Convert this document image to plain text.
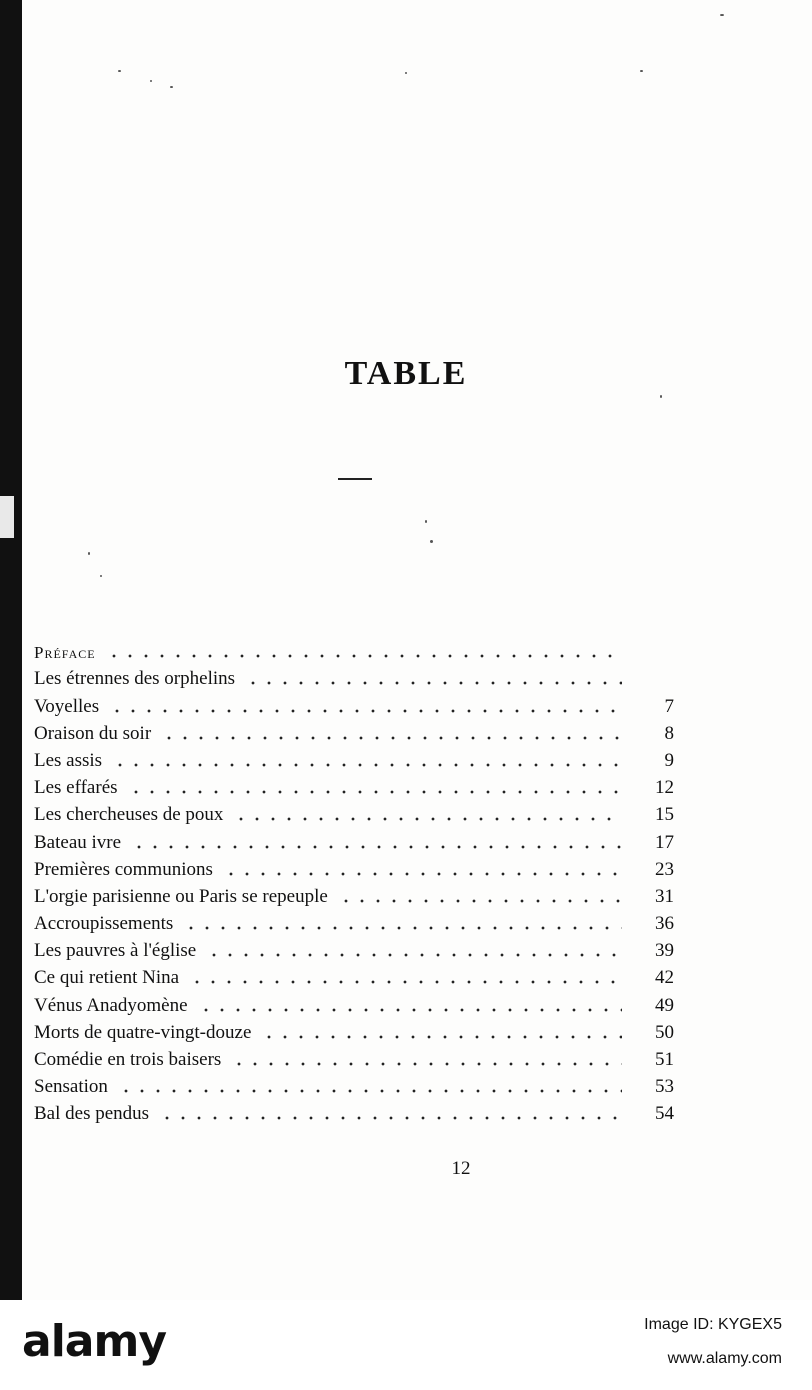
TABLE
Préface
Les étrennes des orphelins
Voyelles	7
Oraison du soir	8
Les assis	9
Les effarés	12
Les chercheuses de poux	15
Bateau ivre	17
Premières communions	23
L'orgie parisienne ou Paris se repeuple	31
Accroupissements	36
Les pauvres à l'église	39
Ce qui retient Nina	42
Vénus Anadyomène	49
Morts de quatre-vingt-douze	50
Comédie en trois baisers	51
Sensation	53
Bal des pendus	54
12
alamy	Image ID: KYGEX5
www.alamy.com
